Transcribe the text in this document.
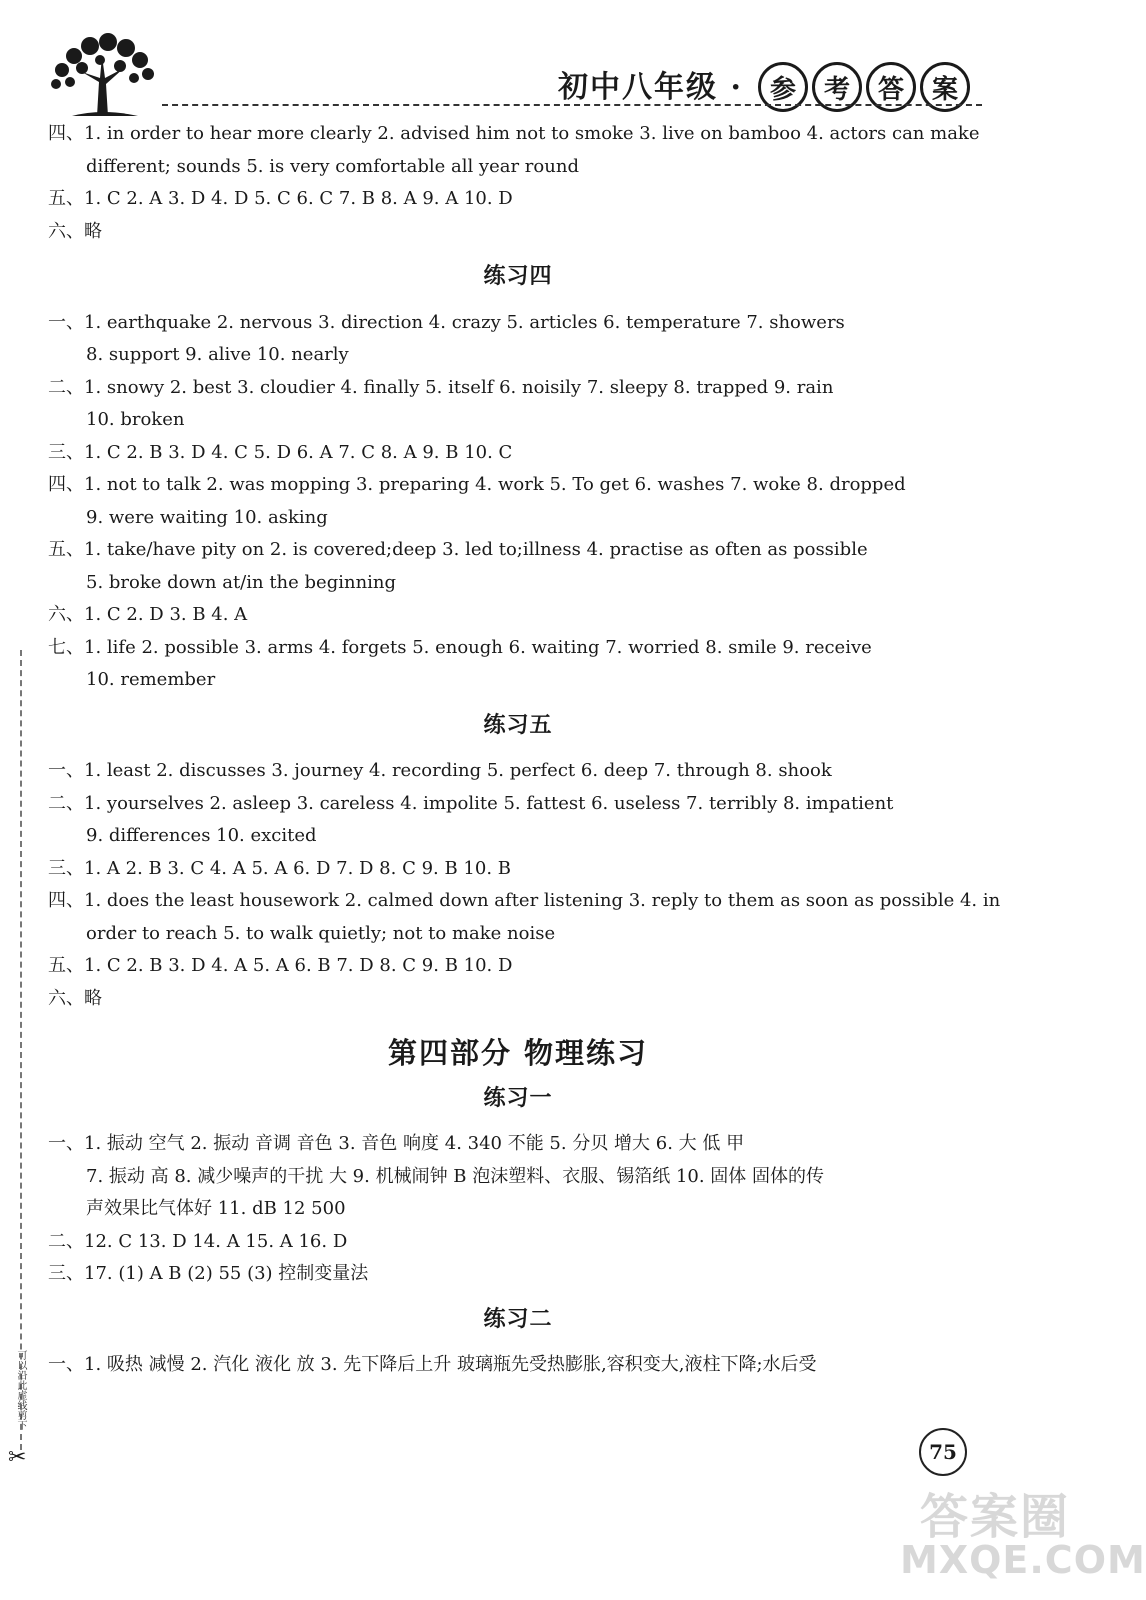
初中八年级 ·	参	考	答	案
四、1. in order to hear more clearly 2. advised him not to smoke 3. live on bamboo 4. actors can make
different; sounds 5. is very comfortable all year round
五、1. C 2. A 3. D 4. D 5. C 6. C 7. B 8. A 9. A 10. D
六、略
练习四
一、1. earthquake 2. nervous 3. direction 4. crazy 5. articles 6. temperature 7. showers
8. support 9. alive 10. nearly
二、1. snowy 2. best 3. cloudier 4. finally 5. itself 6. noisily 7. sleepy 8. trapped 9. rain
10. broken
三、1. C 2. B 3. D 4. C 5. D 6. A 7. C 8. A 9. B 10. C
四、1. not to talk 2. was mopping 3. preparing 4. work 5. To get 6. washes 7. woke 8. dropped
9. were waiting 10. asking
五、1. take/have pity on 2. is covered;deep 3. led to;illness 4. practise as often as possible
5. broke down at/in the beginning
六、1. C 2. D 3. B 4. A
七、1. life 2. possible 3. arms 4. forgets 5. enough 6. waiting 7. worried 8. smile 9. receive
10. remember
练习五
一、1. least 2. discusses 3. journey 4. recording 5. perfect 6. deep 7. through 8. shook
二、1. yourselves 2. asleep 3. careless 4. impolite 5. fattest 6. useless 7. terribly 8. impatient
9. differences 10. excited
三、1. A 2. B 3. C 4. A 5. A 6. D 7. D 8. C 9. B 10. B
四、1. does the least housework 2. calmed down after listening 3. reply to them as soon as possible 4. in
order to reach 5. to walk quietly; not to make noise
五、1. C 2. B 3. D 4. A 5. A 6. B 7. D 8. C 9. B 10. D
六、略
第四部分 物理练习
练习一
一、1. 振动 空气 2. 振动 音调 音色 3. 音色 响度 4. 340 不能 5. 分贝 增大 6. 大 低 甲
7. 振动 高 8. 减少噪声的干扰 大 9. 机械闹钟 B 泡沫塑料、衣服、锡箔纸 10. 固体 固体的传
声效果比气体好 11. dB 12 500
二、12. C 13. D 14. A 15. A 16. D
三、17. (1) A B (2) 55 (3) 控制变量法
练习二
一、1. 吸热 减慢 2. 汽化 液化 放 3. 先下降后上升 玻璃瓶先受热膨胀,容积变大,液柱下降;水后受
可以沿此虚线剪下
✂	75
答案圈
MXQE.COM
